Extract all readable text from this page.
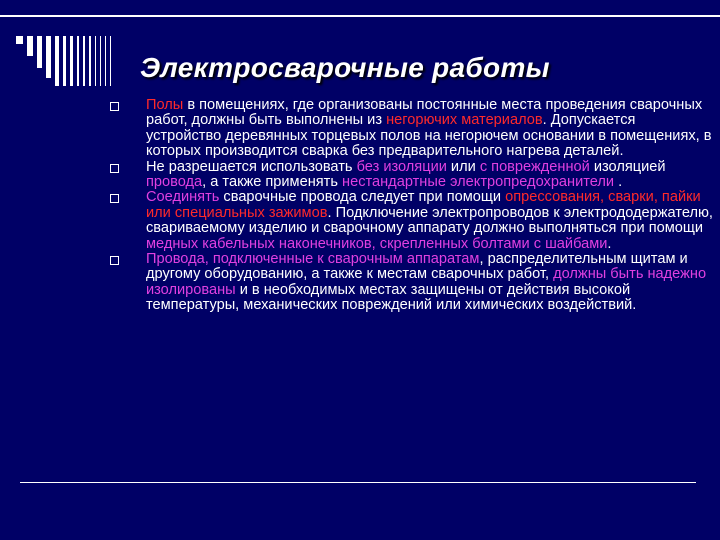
Электросварочные работы
Полы в помещениях, где организованы постоянные места проведения сварочных работ, должны быть выполнены из негорючих материалов. Допускается устройство деревянных торцевых полов на негорючем основании в помещениях, в которых производится сварка без предварительного нагрева деталей.
Не разрешается использовать без изоляции или с поврежденной изоляцией провода, а также применять нестандартные электропредохранители .
Соединять сварочные провода следует при помощи опрессования, сварки, пайки или специальных зажимов. Подключение электропроводов к электрододержателю, свариваемому изделию и сварочному аппарату должно выполняться при помощи медных кабельных наконечников, скрепленных болтами с шайбами.
Провода, подключенные к сварочным аппаратам, распределительным щитам и другому оборудованию, а также к местам сварочных работ, должны быть надежно изолированы и в необходимых местах защищены от действия высокой температуры, механических повреждений или химических воздействий.
